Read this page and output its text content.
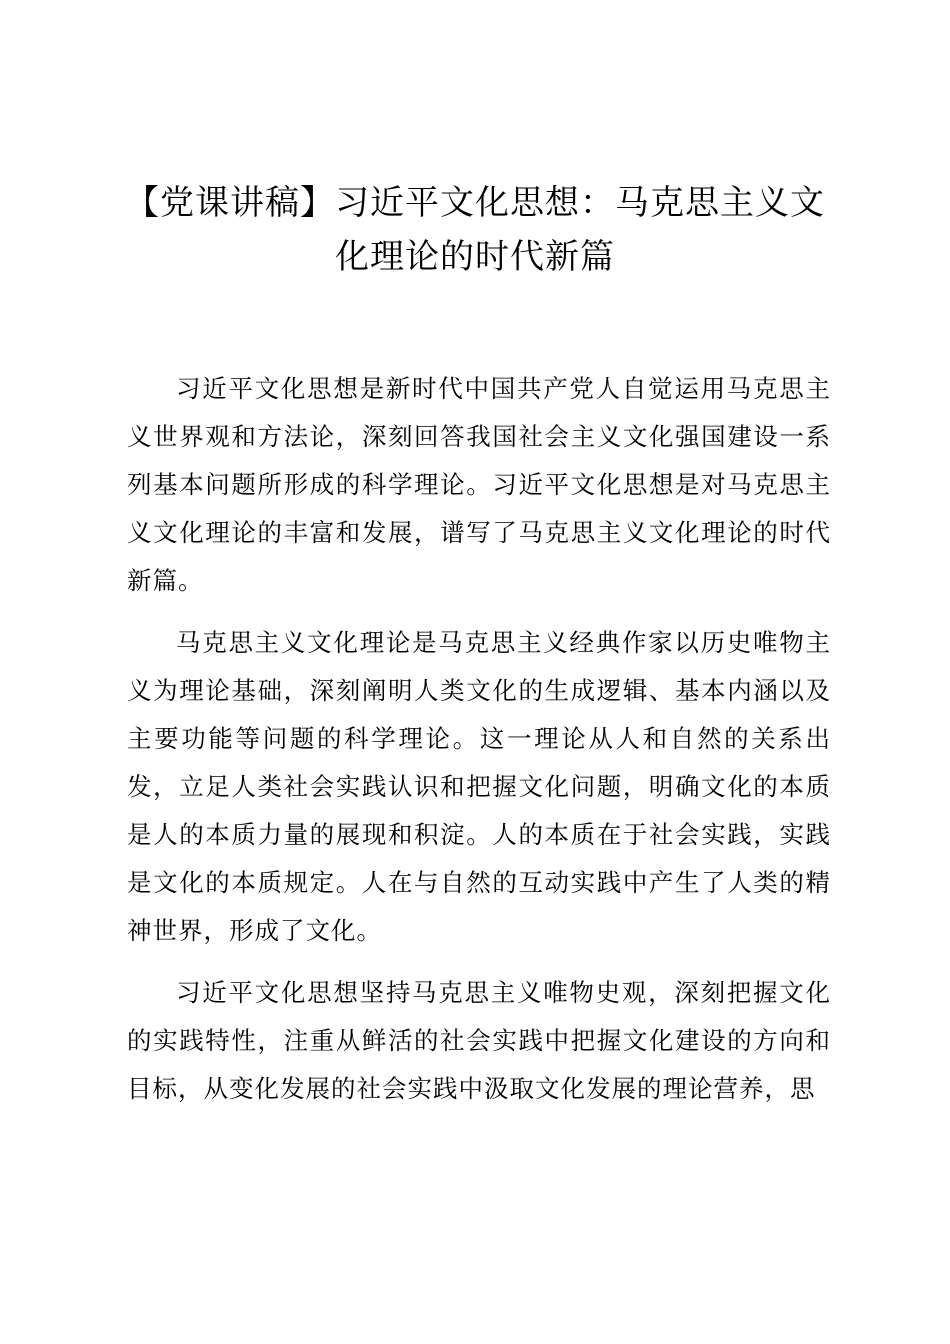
【党课讲稿】习近平文化思想：马克思主义文化理论的时代新篇

习近平文化思想是新时代中国共产党人自觉运用马克思主义世界观和方法论，深刻回答我国社会主义文化强国建设一系列基本问题所形成的科学理论。习近平文化思想是对马克思主义文化理论的丰富和发展，谱写了马克思主义文化理论的时代新篇。

马克思主义文化理论是马克思主义经典作家以历史唯物主义为理论基础，深刻阐明人类文化的生成逻辑、基本内涵以及主要功能等问题的科学理论。这一理论从人和自然的关系出发，立足人类社会实践认识和把握文化问题，明确文化的本质是人的本质力量的展现和积淀。人的本质在于社会实践，实践是文化的本质规定。人在与自然的互动实践中产生了人类的精神世界，形成了文化。

习近平文化思想坚持马克思主义唯物史观，深刻把握文化的实践特性，注重从鲜活的社会实践中把握文化建设的方向和目标，从变化发展的社会实践中汲取文化发展的理论营养，思
